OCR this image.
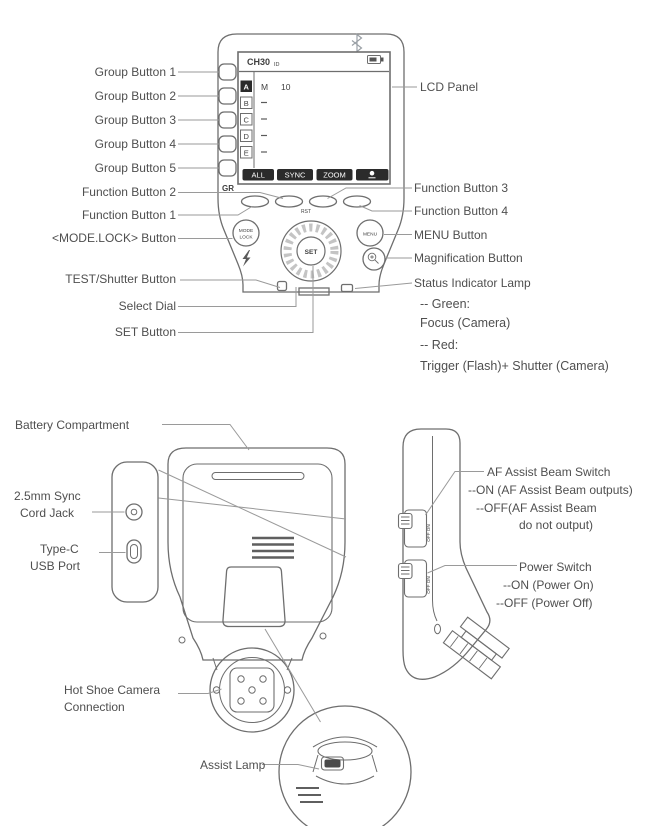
CH30 ID
A
B
C
D
E
M 10
ALL	SYNC ZOOM
GR
RST
MODE
LOCK
SET
MENU
OFF ON
OFF ON
Group Button 1
Group Button 2
Group Button 3
Group Button 4
Group Button 5
Function Button 2
Function Button 1
<MODE.LOCK> Button
TEST/Shutter Button
Select Dial
SET Button
LCD Panel
Function Button 3
Function Button 4
MENU Button
Magnification Button
Status Indicator Lamp
-- Green:
Focus (Camera)
-- Red:
Trigger (Flash)+ Shutter (Camera)
Battery Compartment
2.5mm Sync
Cord Jack
Type-C
USB Port
Hot Shoe Camera
Connection
Assist Lamp
AF Assist Beam Switch
--ON (AF Assist Beam outputs)
--OFF(AF Assist Beam
do not output)
Power Switch
--ON (Power On)
--OFF (Power Off)
